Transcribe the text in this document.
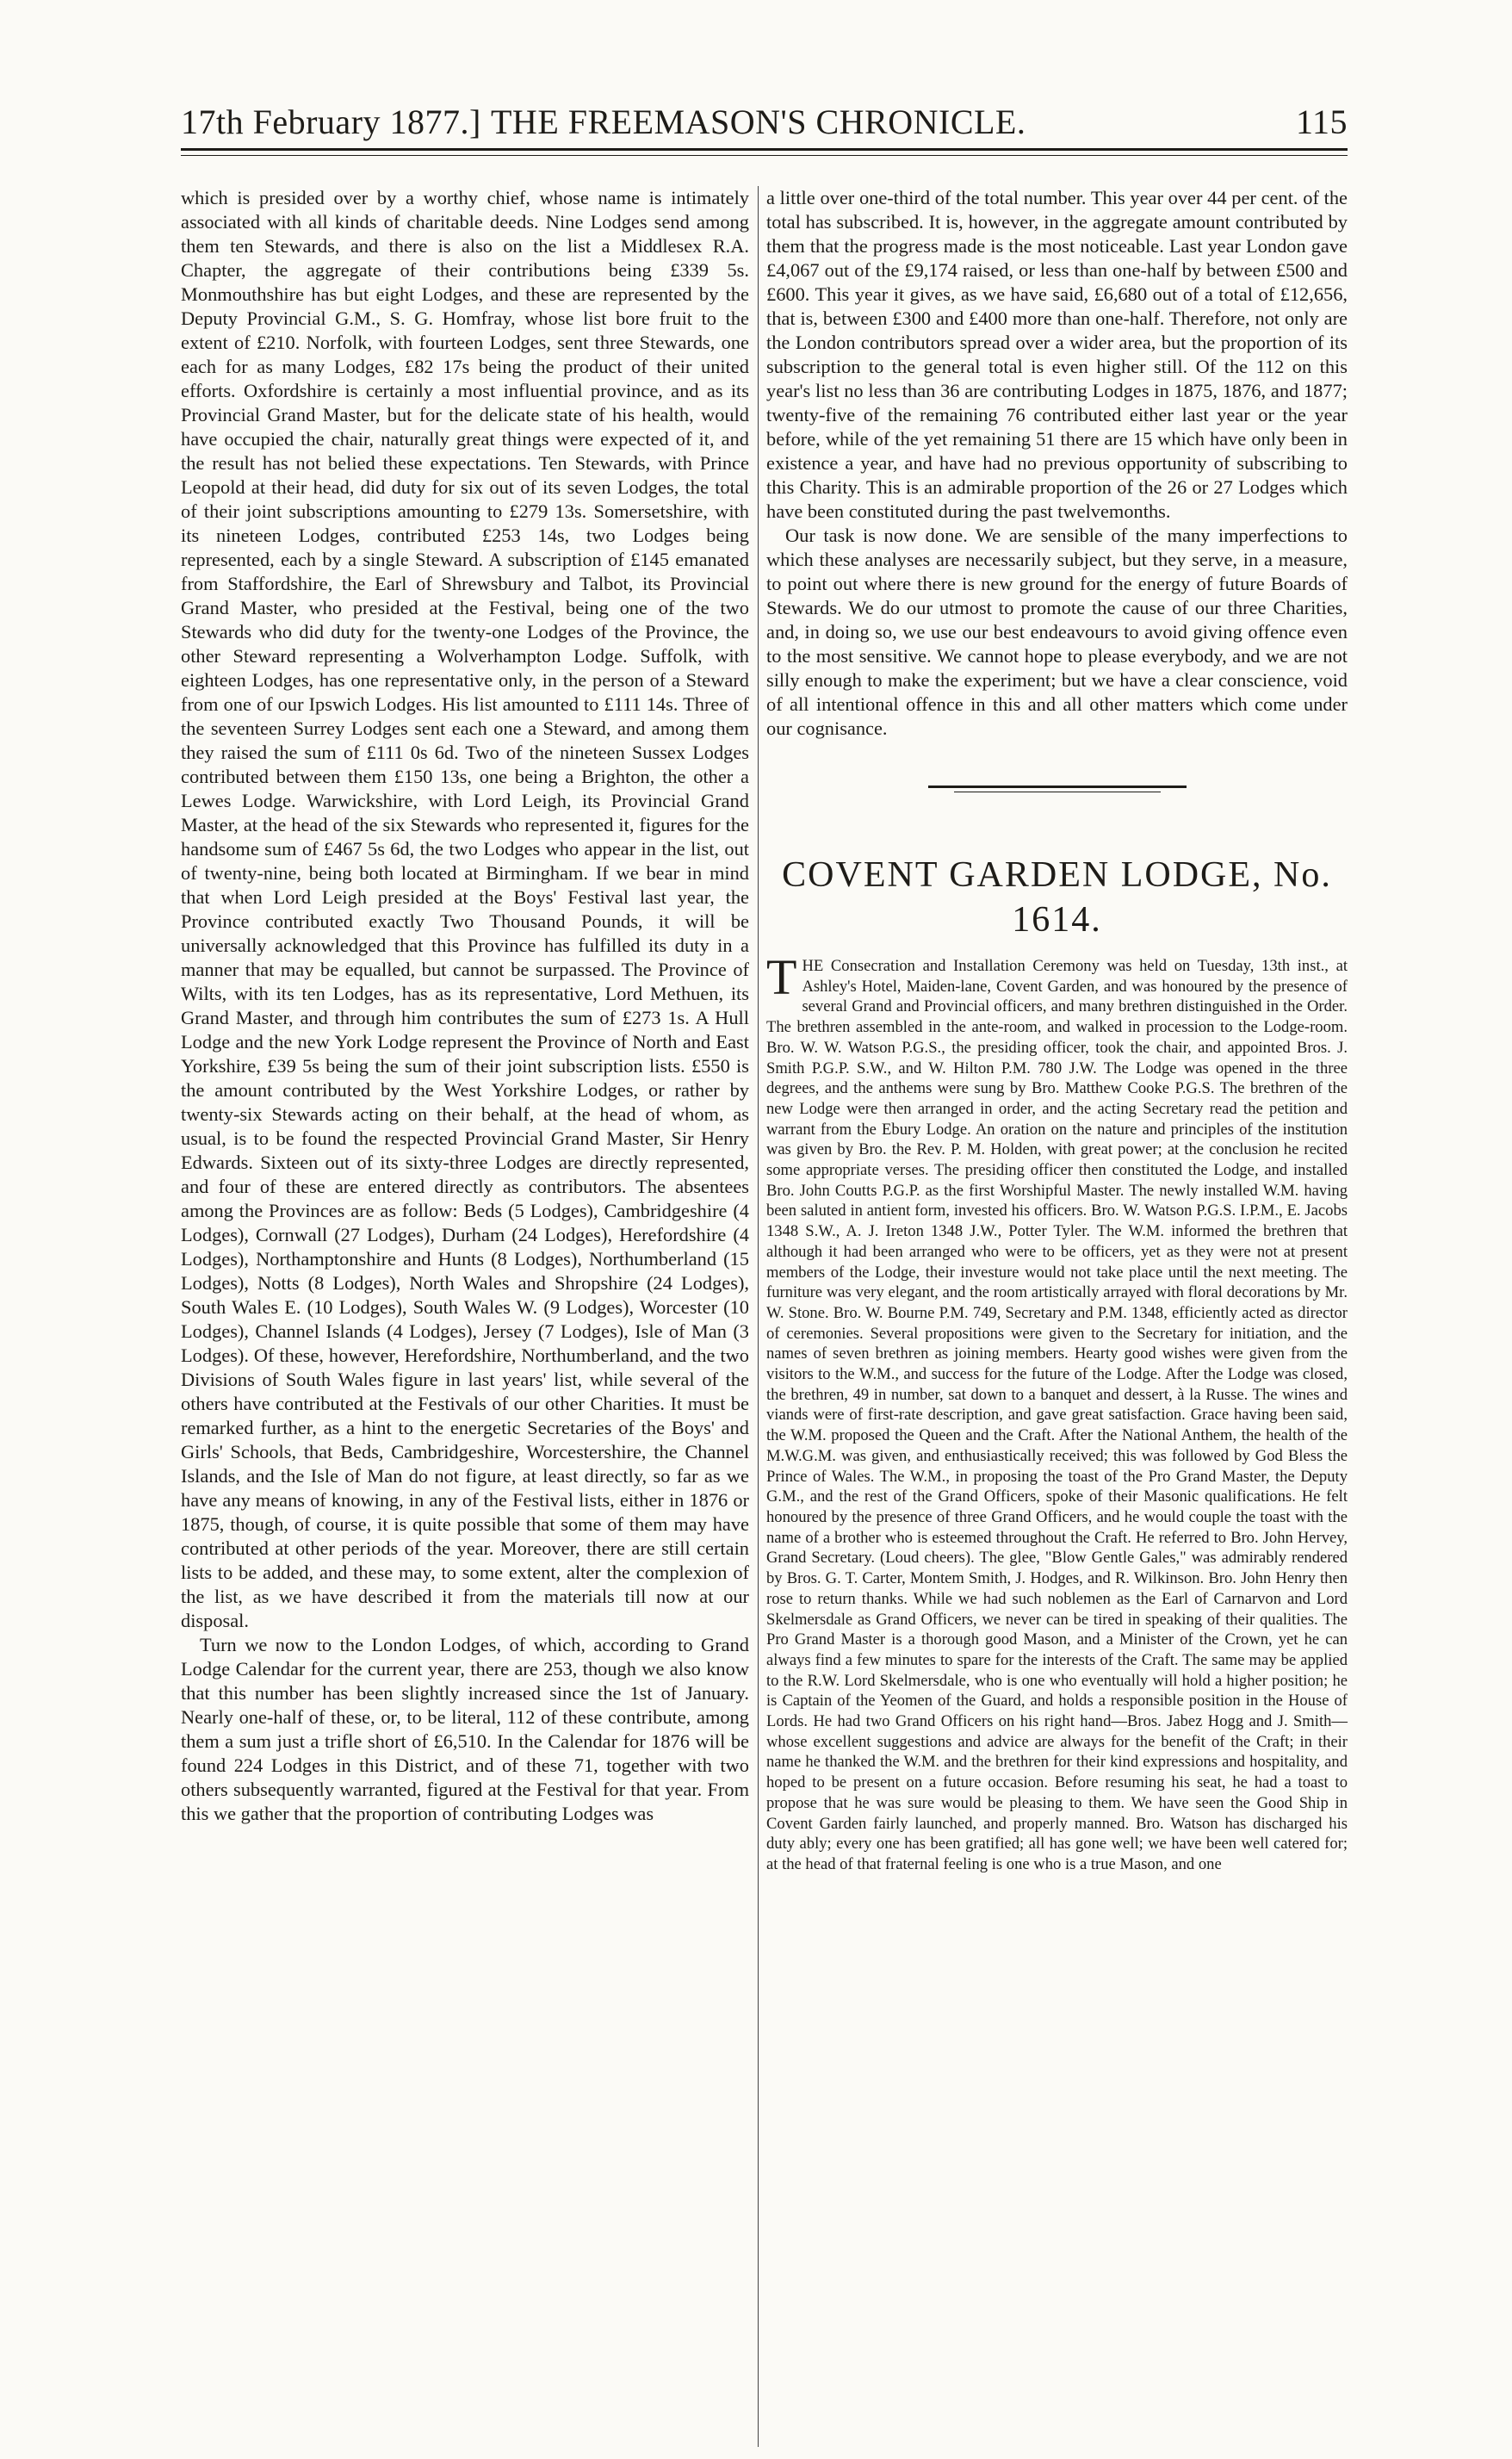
17th February 1877.] THE FREEMASON'S CHRONICLE.	115

which is presided over by a worthy chief, whose name is intimately associated with all kinds of charitable deeds. Nine Lodges send among them ten Stewards, and there is also on the list a Middlesex R.A. Chapter, the aggregate of their contributions being £339 5s. Monmouthshire has but eight Lodges, and these are represented by the Deputy Provincial G.M., S. G. Homfray, whose list bore fruit to the extent of £210. Norfolk, with fourteen Lodges, sent three Stewards, one each for as many Lodges, £82 17s being the product of their united efforts. Oxfordshire is certainly a most influential province, and as its Provincial Grand Master, but for the delicate state of his health, would have occupied the chair, naturally great things were expected of it, and the result has not belied these expectations. Ten Stewards, with Prince Leopold at their head, did duty for six out of its seven Lodges, the total of their joint subscriptions amounting to £279 13s. Somersetshire, with its nineteen Lodges, contributed £253 14s, two Lodges being represented, each by a single Steward. A subscription of £145 emanated from Staffordshire, the Earl of Shrewsbury and Talbot, its Provincial Grand Master, who presided at the Festival, being one of the two Stewards who did duty for the twenty-one Lodges of the Province, the other Steward representing a Wolverhampton Lodge. Suffolk, with eighteen Lodges, has one representative only, in the person of a Steward from one of our Ipswich Lodges. His list amounted to £111 14s. Three of the seventeen Surrey Lodges sent each one a Steward, and among them they raised the sum of £111 0s 6d. Two of the nineteen Sussex Lodges contributed between them £150 13s, one being a Brighton, the other a Lewes Lodge. Warwickshire, with Lord Leigh, its Provincial Grand Master, at the head of the six Stewards who represented it, figures for the handsome sum of £467 5s 6d, the two Lodges who appear in the list, out of twenty-nine, being both located at Birmingham. If we bear in mind that when Lord Leigh presided at the Boys' Festival last year, the Province contributed exactly Two Thousand Pounds, it will be universally acknowledged that this Province has fulfilled its duty in a manner that may be equalled, but cannot be surpassed. The Province of Wilts, with its ten Lodges, has as its representative, Lord Methuen, its Grand Master, and through him contributes the sum of £273 1s. A Hull Lodge and the new York Lodge represent the Province of North and East Yorkshire, £39 5s being the sum of their joint subscription lists. £550 is the amount contributed by the West Yorkshire Lodges, or rather by twenty-six Stewards acting on their behalf, at the head of whom, as usual, is to be found the respected Provincial Grand Master, Sir Henry Edwards. Sixteen out of its sixty-three Lodges are directly represented, and four of these are entered directly as contributors. The absentees among the Provinces are as follow: Beds (5 Lodges), Cambridgeshire (4 Lodges), Cornwall (27 Lodges), Durham (24 Lodges), Herefordshire (4 Lodges), Northamptonshire and Hunts (8 Lodges), Northumberland (15 Lodges), Notts (8 Lodges), North Wales and Shropshire (24 Lodges), South Wales E. (10 Lodges), South Wales W. (9 Lodges), Worcester (10 Lodges), Channel Islands (4 Lodges), Jersey (7 Lodges), Isle of Man (3 Lodges). Of these, however, Herefordshire, Northumberland, and the two Divisions of South Wales figure in last years' list, while several of the others have contributed at the Festivals of our other Charities. It must be remarked further, as a hint to the energetic Secretaries of the Boys' and Girls' Schools, that Beds, Cambridgeshire, Worcestershire, the Channel Islands, and the Isle of Man do not figure, at least directly, so far as we have any means of knowing, in any of the Festival lists, either in 1876 or 1875, though, of course, it is quite possible that some of them may have contributed at other periods of the year. Moreover, there are still certain lists to be added, and these may, to some extent, alter the complexion of the list, as we have described it from the materials till now at our disposal.

Turn we now to the London Lodges, of which, according to Grand Lodge Calendar for the current year, there are 253, though we also know that this number has been slightly increased since the 1st of January. Nearly one-half of these, or, to be literal, 112 of these contribute, among them a sum just a trifle short of £6,510. In the Calendar for 1876 will be found 224 Lodges in this District, and of these 71, together with two others subsequently warranted, figured at the Festival for that year. From this we gather that the proportion of contributing Lodges was

a little over one-third of the total number. This year over 44 per cent. of the total has subscribed. It is, however, in the aggregate amount contributed by them that the progress made is the most noticeable. Last year London gave £4,067 out of the £9,174 raised, or less than one-half by between £500 and £600. This year it gives, as we have said, £6,680 out of a total of £12,656, that is, between £300 and £400 more than one-half. Therefore, not only are the London contributors spread over a wider area, but the proportion of its subscription to the general total is even higher still. Of the 112 on this year's list no less than 36 are contributing Lodges in 1875, 1876, and 1877; twenty-five of the remaining 76 contributed either last year or the year before, while of the yet remaining 51 there are 15 which have only been in existence a year, and have had no previous opportunity of subscribing to this Charity. This is an admirable proportion of the 26 or 27 Lodges which have been constituted during the past twelvemonths.

Our task is now done. We are sensible of the many imperfections to which these analyses are necessarily subject, but they serve, in a measure, to point out where there is new ground for the energy of future Boards of Stewards. We do our utmost to promote the cause of our three Charities, and, in doing so, we use our best endeavours to avoid giving offence even to the most sensitive. We cannot hope to please everybody, and we are not silly enough to make the experiment; but we have a clear conscience, void of all intentional offence in this and all other matters which come under our cognisance.

COVENT GARDEN LODGE, No. 1614.

THE Consecration and Installation Ceremony was held on Tuesday, 13th inst., at Ashley's Hotel, Maiden-lane, Covent Garden, and was honoured by the presence of several Grand and Provincial officers, and many brethren distinguished in the Order. The brethren assembled in the ante-room, and walked in procession to the Lodge-room. Bro. W. W. Watson P.G.S., the presiding officer, took the chair, and appointed Bros. J. Smith P.G.P. S.W., and W. Hilton P.M. 780 J.W. The Lodge was opened in the three degrees, and the anthems were sung by Bro. Matthew Cooke P.G.S. The brethren of the new Lodge were then arranged in order, and the acting Secretary read the petition and warrant from the Ebury Lodge. An oration on the nature and principles of the institution was given by Bro. the Rev. P. M. Holden, with great power; at the conclusion he recited some appropriate verses. The presiding officer then constituted the Lodge, and installed Bro. John Coutts P.G.P. as the first Worshipful Master. The newly installed W.M. having been saluted in antient form, invested his officers. Bro. W. Watson P.G.S. I.P.M., E. Jacobs 1348 S.W., A. J. Ireton 1348 J.W., Potter Tyler. The W.M. informed the brethren that although it had been arranged who were to be officers, yet as they were not at present members of the Lodge, their investure would not take place until the next meeting. The furniture was very elegant, and the room artistically arrayed with floral decorations by Mr. W. Stone. Bro. W. Bourne P.M. 749, Secretary and P.M. 1348, efficiently acted as director of ceremonies. Several propositions were given to the Secretary for initiation, and the names of seven brethren as joining members. Hearty good wishes were given from the visitors to the W.M., and success for the future of the Lodge. After the Lodge was closed, the brethren, 49 in number, sat down to a banquet and dessert, à la Russe. The wines and viands were of first-rate description, and gave great satisfaction. Grace having been said, the W.M. proposed the Queen and the Craft. After the National Anthem, the health of the M.W.G.M. was given, and enthusiastically received; this was followed by God Bless the Prince of Wales. The W.M., in proposing the toast of the Pro Grand Master, the Deputy G.M., and the rest of the Grand Officers, spoke of their Masonic qualifications. He felt honoured by the presence of three Grand Officers, and he would couple the toast with the name of a brother who is esteemed throughout the Craft. He referred to Bro. John Hervey, Grand Secretary. (Loud cheers). The glee, "Blow Gentle Gales," was admirably rendered by Bros. G. T. Carter, Montem Smith, J. Hodges, and R. Wilkinson. Bro. John Henry then rose to return thanks. While we had such noblemen as the Earl of Carnarvon and Lord Skelmersdale as Grand Officers, we never can be tired in speaking of their qualities. The Pro Grand Master is a thorough good Mason, and a Minister of the Crown, yet he can always find a few minutes to spare for the interests of the Craft. The same may be applied to the R.W. Lord Skelmersdale, who is one who eventually will hold a higher position; he is Captain of the Yeomen of the Guard, and holds a responsible position in the House of Lords. He had two Grand Officers on his right hand—Bros. Jabez Hogg and J. Smith—whose excellent suggestions and advice are always for the benefit of the Craft; in their name he thanked the W.M. and the brethren for their kind expressions and hospitality, and hoped to be present on a future occasion. Before resuming his seat, he had a toast to propose that he was sure would be pleasing to them. We have seen the Good Ship in Covent Garden fairly launched, and properly manned. Bro. Watson has discharged his duty ably; every one has been gratified; all has gone well; we have been well catered for; at the head of that fraternal feeling is one who is a true Mason, and one
